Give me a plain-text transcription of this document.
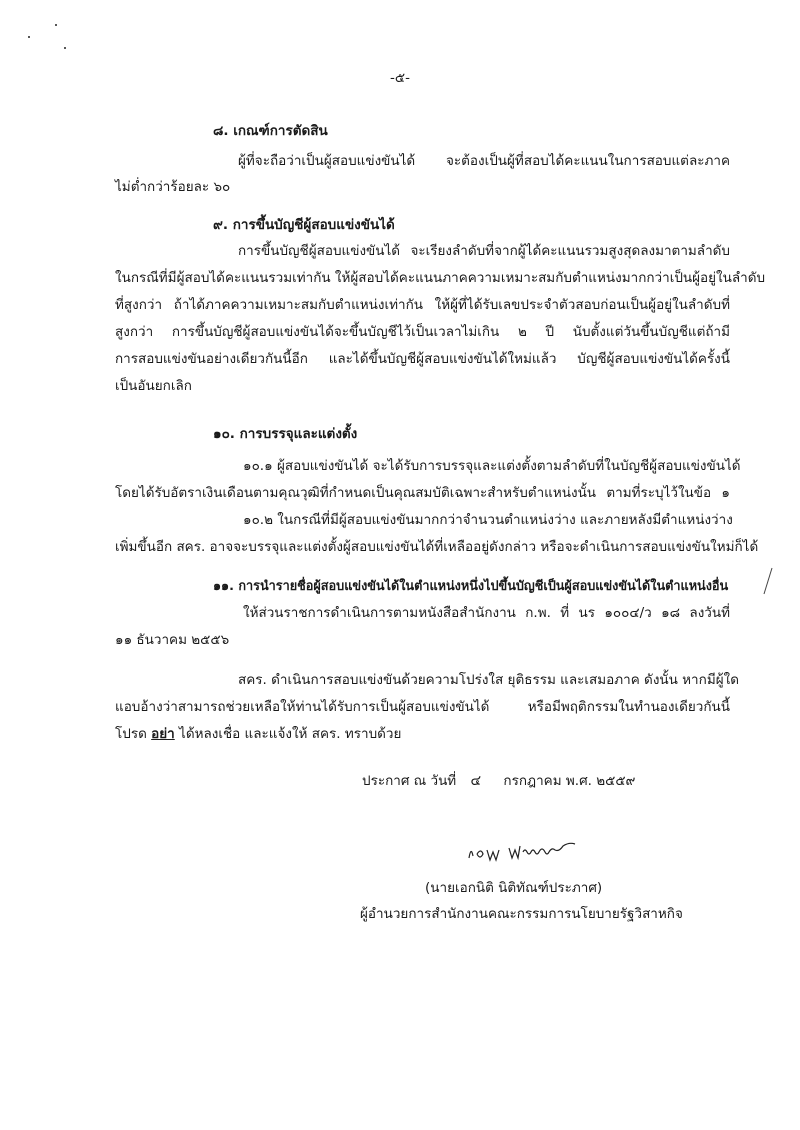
-๕-
๘. เกณฑ์การตัดสิน
ผู้ที่จะถือว่าเป็นผู้สอบแข่งขันได้ จะต้องเป็นผู้ที่สอบได้คะแนนในการสอบแต่ละภาค
ไม่ต่ำกว่าร้อยละ ๖๐
๙. การขึ้นบัญชีผู้สอบแข่งขันได้
การขึ้นบัญชีผู้สอบแข่งขันได้ จะเรียงลำดับที่จากผู้ได้คะแนนรวมสูงสุดลงมาตามลำดับ
ในกรณีที่มีผู้สอบได้คะแนนรวมเท่ากัน ให้ผู้สอบได้คะแนนภาคความเหมาะสมกับตำแหน่งมากกว่าเป็นผู้อยู่ในลำดับ
ที่สูงกว่า ถ้าได้ภาคความเหมาะสมกับตำแหน่งเท่ากัน ให้ผู้ที่ได้รับเลขประจำตัวสอบก่อนเป็นผู้อยู่ในลำดับที่
สูงกว่า การขึ้นบัญชีผู้สอบแข่งขันได้จะขึ้นบัญชีไว้เป็นเวลาไม่เกิน ๒ ปี นับตั้งแต่วันขึ้นบัญชีแต่ถ้ามี
การสอบแข่งขันอย่างเดียวกันนี้อีก และได้ขึ้นบัญชีผู้สอบแข่งขันได้ใหม่แล้ว บัญชีผู้สอบแข่งขันได้ครั้งนี้
เป็นอันยกเลิก
๑๐. การบรรจุและแต่งตั้ง
๑๐.๑ ผู้สอบแข่งขันได้ จะได้รับการบรรจุและแต่งตั้งตามลำดับที่ในบัญชีผู้สอบแข่งขันได้
โดยได้รับอัตราเงินเดือนตามคุณวุฒิที่กำหนดเป็นคุณสมบัติเฉพาะสำหรับตำแหน่งนั้น ตามที่ระบุไว้ในข้อ ๑
๑๐.๒ ในกรณีที่มีผู้สอบแข่งขันมากกว่าจำนวนตำแหน่งว่าง และภายหลังมีตำแหน่งว่าง
เพิ่มขึ้นอีก สคร. อาจจะบรรจุและแต่งตั้งผู้สอบแข่งขันได้ที่เหลืออยู่ดังกล่าว หรือจะดำเนินการสอบแข่งขันใหม่ก็ได้
๑๑. การนำรายชื่อผู้สอบแข่งขันได้ในตำแหน่งหนึ่งไปขึ้นบัญชีเป็นผู้สอบแข่งขันได้ในตำแหน่งอื่น
ให้ส่วนราชการดำเนินการตามหนังสือสำนักงาน ก.พ. ที่ นร ๑๐๐๔/ว ๑๘ ลงวันที่
๑๑ ธันวาคม ๒๕๕๖
สคร. ดำเนินการสอบแข่งขันด้วยความโปร่งใส ยุติธรรม และเสมอภาค ดังนั้น หากมีผู้ใด
แอบอ้างว่าสามารถช่วยเหลือให้ท่านได้รับการเป็นผู้สอบแข่งขันได้ หรือมีพฤติกรรมในทำนองเดียวกันนี้
โปรด อย่า ได้หลงเชื่อ และแจ้งให้ สคร. ทราบด้วย
ประกาศ ณ วันที่ ๔ กรกฎาคม พ.ศ. ๒๕๕๙
(นายเอกนิติ นิติทัณฑ์ประภาศ)
ผู้อำนวยการสำนักงานคณะกรรมการนโยบายรัฐวิสาหกิจ
